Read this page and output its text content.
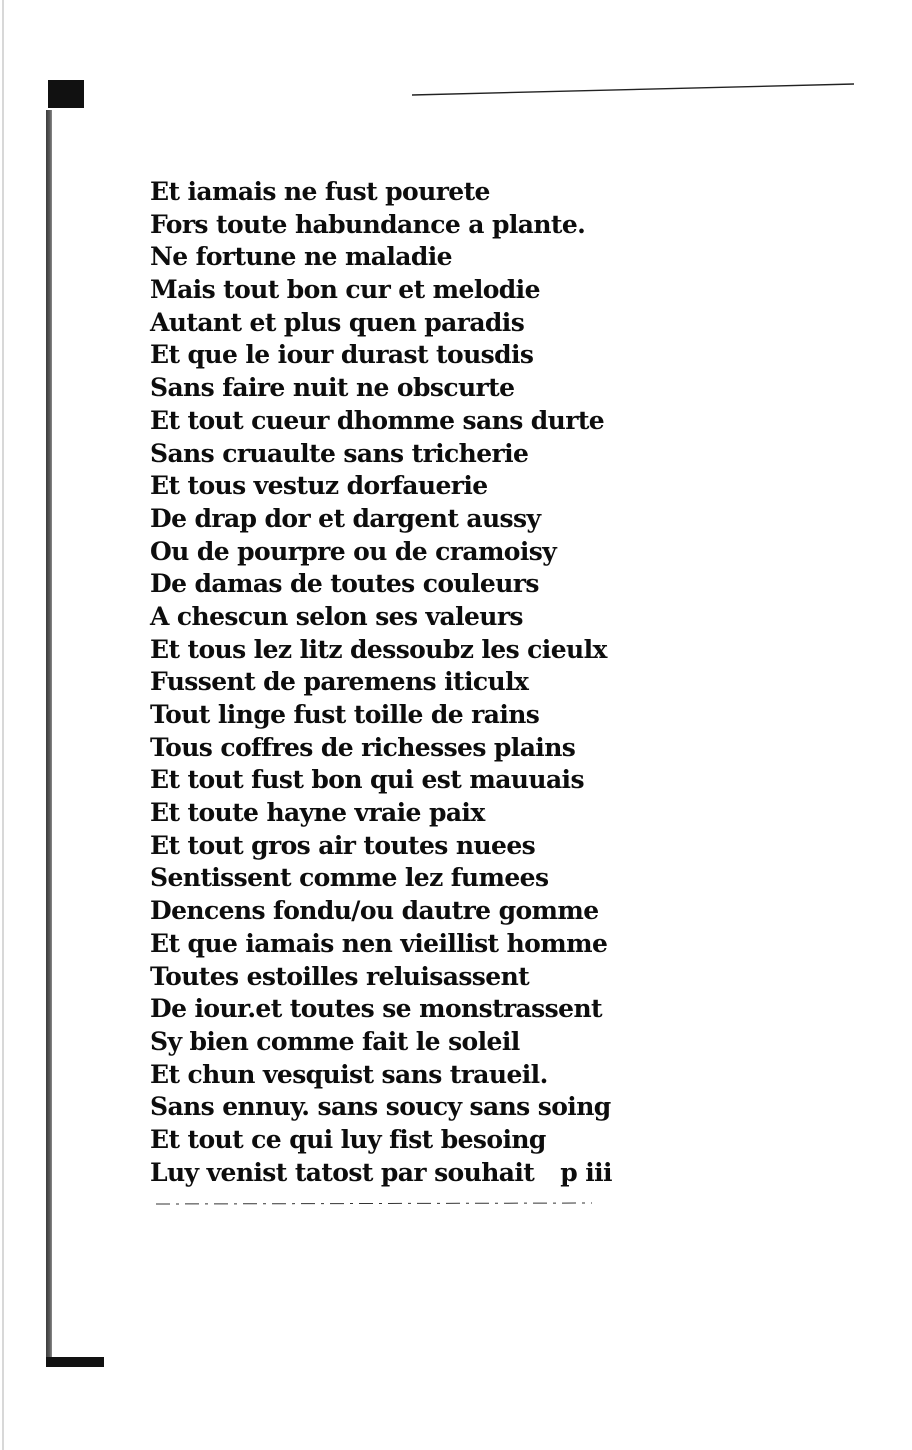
Et iamais ne fust pourete
Fors toute habundance a plante.
Ne fortune ne maladie
Mais tout bon cur et melodie
Autant et plus quen paradis
Et que le iour durast tousdis
Sans faire nuit ne obscurte
Et tout cueur dhomme sans durte
Sans cruaulte sans tricherie
Et tous vestuz dorfauerie
De drap dor et dargent aussy
Ou de pourpre ou de cramoisy
De damas de toutes couleurs
A chescun selon ses valeurs
Et tous lez litz dessoubz les cieulx
Fussent de paremens iticulx
Tout linge fust toille de rains
Tous coffres de richesses plains
Et tout fust bon qui est mauuais
Et toute hayne vraie paix
Et tout gros air toutes nuees
Sentissent comme lez fumees
Dencens fondu/ou dautre gomme
Et que iamais nen vieillist homme
Toutes estoilles reluisassent
De iour.et toutes se monstrassent
Sy bien comme fait le soleil
Et chun vesquist sans traueil.
Sans ennuy. sans soucy sans soing
Et tout ce qui luy fist besoing
Luy venist tatost par souhait p iii
